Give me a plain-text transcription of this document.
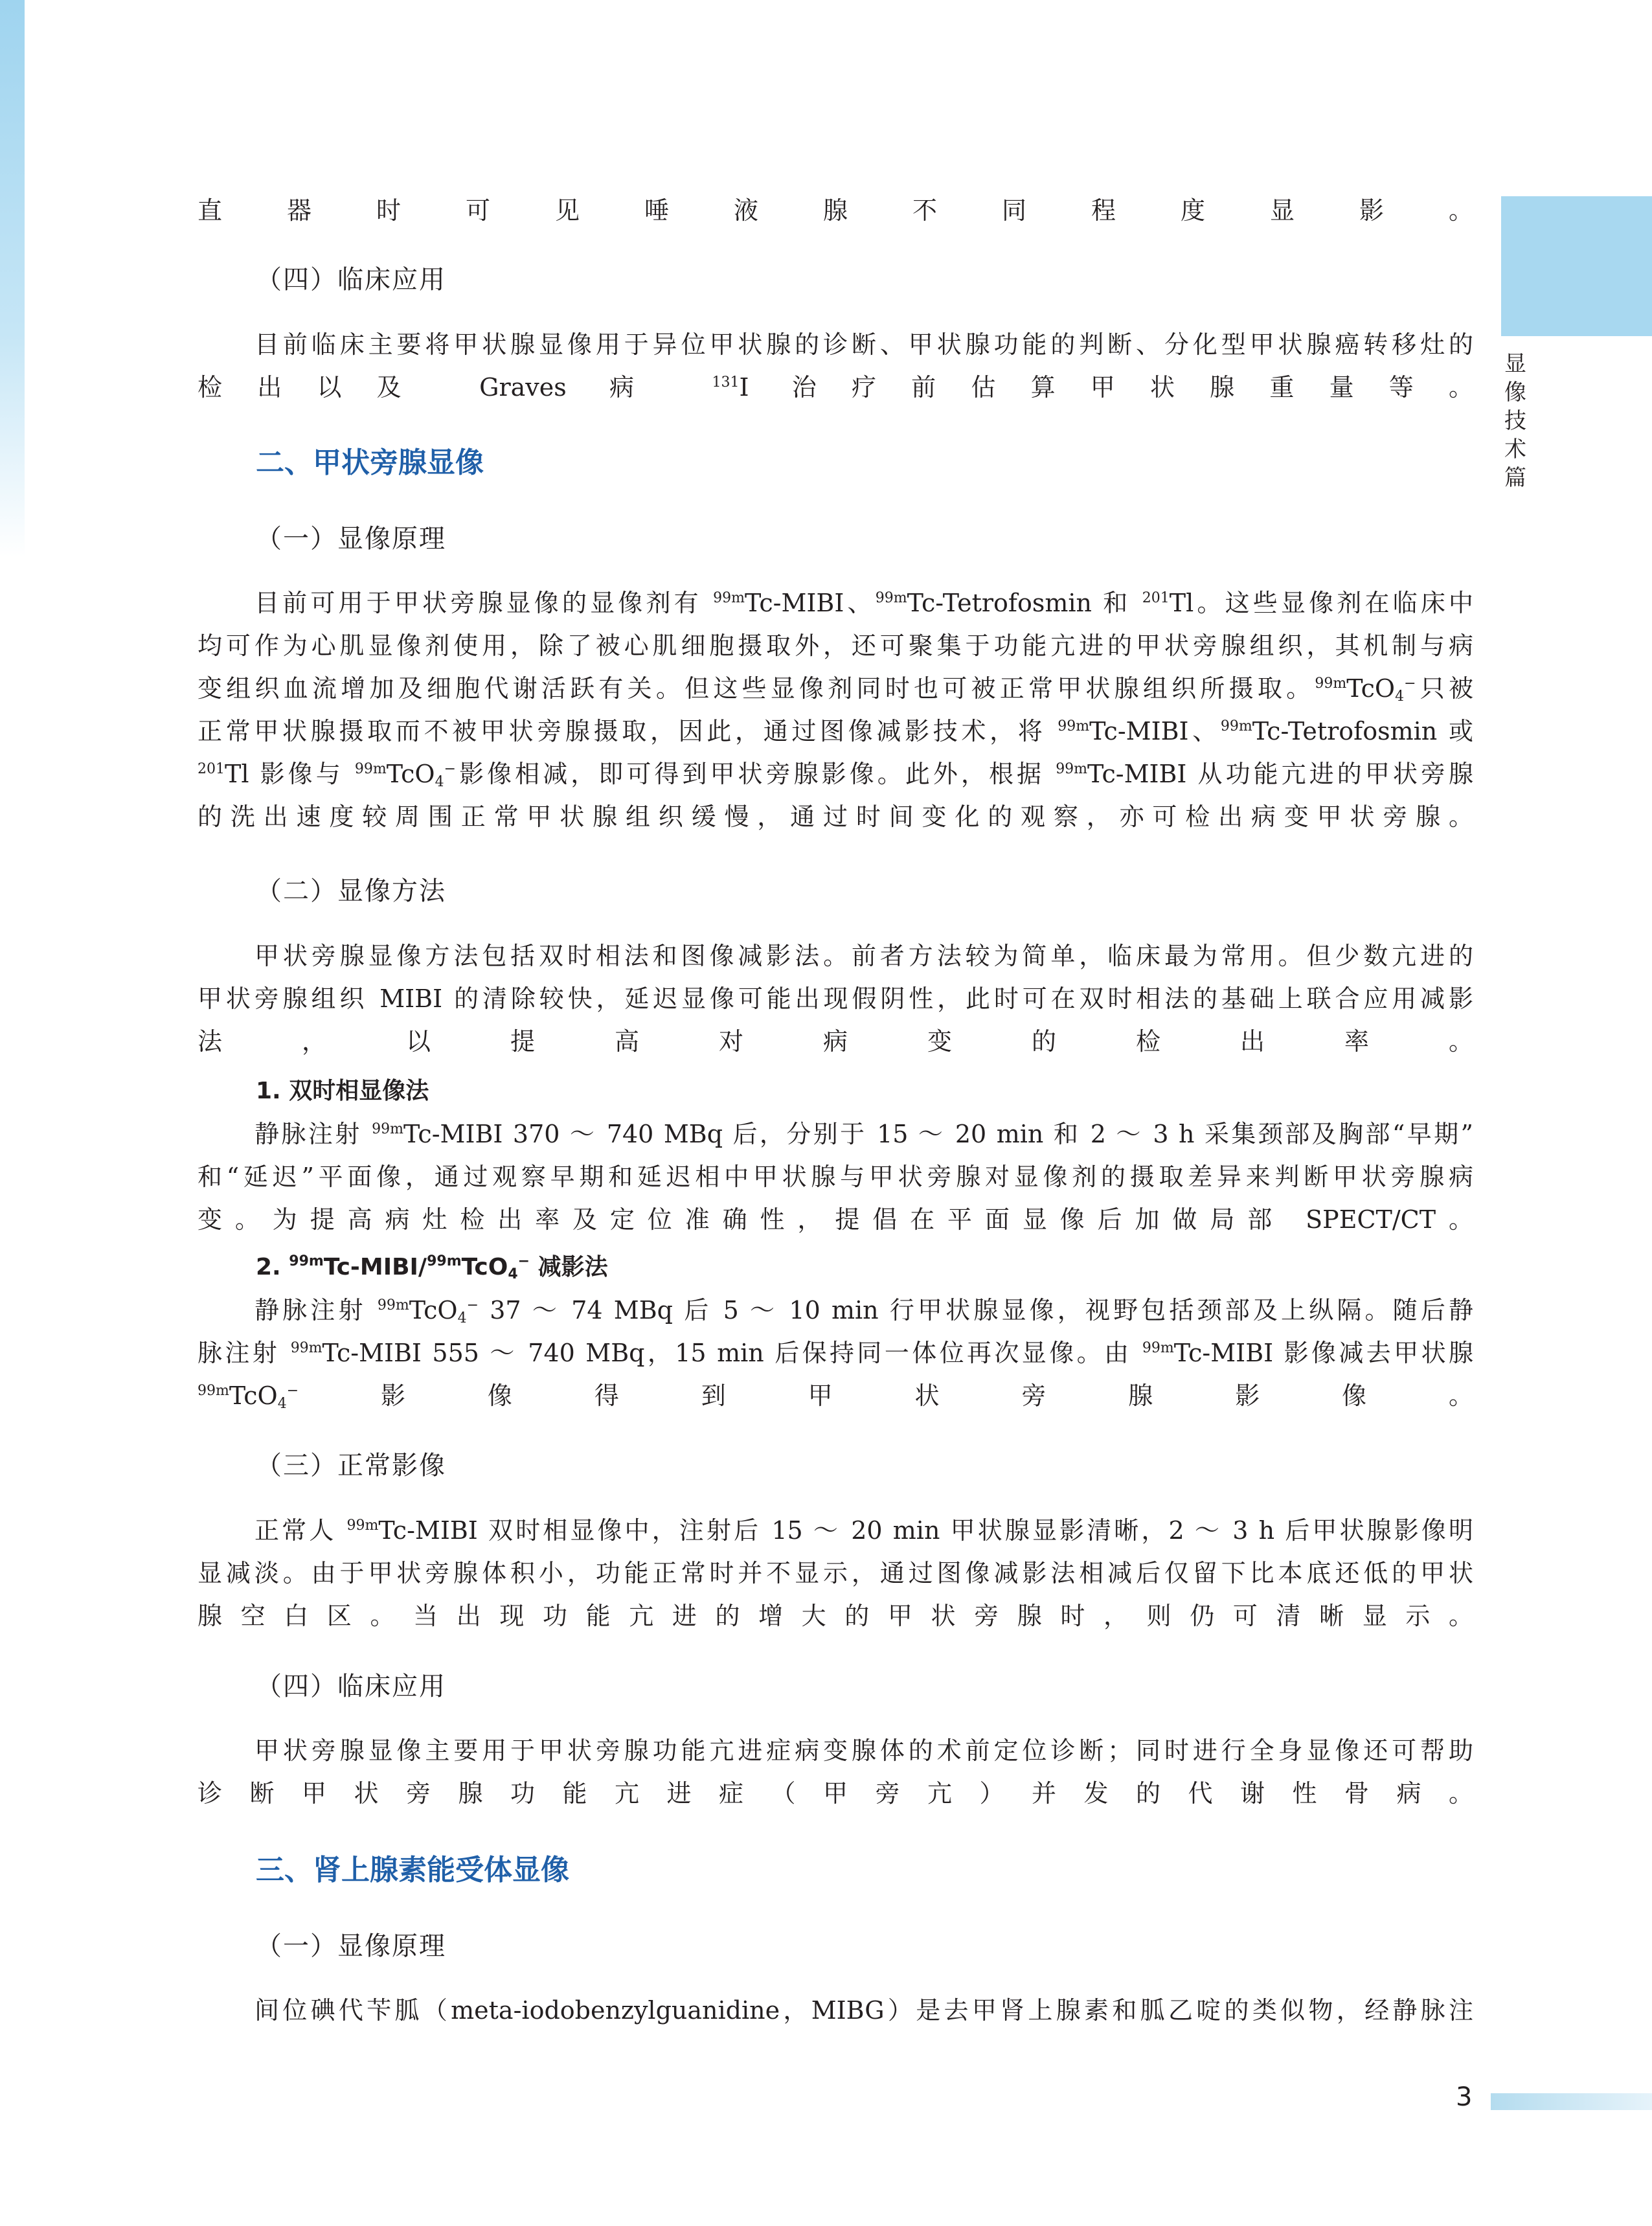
显
像
技
术
篇
直器时可见唾液腺不同程度显影。
（四）临床应用
目前临床主要将甲状腺显像用于异位甲状腺的诊断、甲状腺功能的判断、分化型甲状腺癌转移灶的
检出以及 Graves 病 $^{131}$I 治疗前估算甲状腺重量等。
二、甲状旁腺显像
（一）显像原理
目前可用于甲状旁腺显像的显像剂有 $^{99m}$Tc-MIBI、$^{99m}$Tc-Tetrofosmin 和 $^{201}$Tl。这些显像剂在临床中
均可作为心肌显像剂使用，除了被心肌细胞摄取外，还可聚集于功能亢进的甲状旁腺组织，其机制与病
变组织血流增加及细胞代谢活跃有关。但这些显像剂同时也可被正常甲状腺组织所摄取。$^{99m}$TcO$_4$−只被
正常甲状腺摄取而不被甲状旁腺摄取，因此，通过图像减影技术，将 $^{99m}$Tc-MIBI、$^{99m}$Tc-Tetrofosmin 或
$^{201}$Tl 影像与 $^{99m}$TcO$_4$−影像相减，即可得到甲状旁腺影像。此外，根据 $^{99m}$Tc-MIBI 从功能亢进的甲状旁腺
的洗出速度较周围正常甲状腺组织缓慢，通过时间变化的观察，亦可检出病变甲状旁腺。
（二）显像方法
甲状旁腺显像方法包括双时相法和图像减影法。前者方法较为简单，临床最为常用。但少数亢进的
甲状旁腺组织 MIBI 的清除较快，延迟显像可能出现假阴性，此时可在双时相法的基础上联合应用减影
法，以提高对病变的检出率。
1. 双时相显像法
静脉注射 $^{99m}$Tc-MIBI 370 ～ 740 MBq 后，分别于 15 ～ 20 min 和 2 ～ 3 h 采集颈部及胸部“早期”
和“延迟”平面像，通过观察早期和延迟相中甲状腺与甲状旁腺对显像剂的摄取差异来判断甲状旁腺病
变。为提高病灶检出率及定位准确性，提倡在平面显像后加做局部 SPECT/CT。
2. $^{99m}$Tc-MIBI/$^{99m}$TcO$_4$− 减影法
静脉注射 $^{99m}$TcO$_4$− 37 ～ 74 MBq 后 5 ～ 10 min 行甲状腺显像，视野包括颈部及上纵隔。随后静
脉注射 $^{99m}$Tc-MIBI 555 ～ 740 MBq，15 min 后保持同一体位再次显像。由 $^{99m}$Tc-MIBI 影像减去甲状腺
$^{99m}$TcO$_4$−影像得到甲状旁腺影像。
（三）正常影像
正常人 $^{99m}$Tc-MIBI 双时相显像中，注射后 15 ～ 20 min 甲状腺显影清晰，2 ～ 3 h 后甲状腺影像明
显减淡。由于甲状旁腺体积小，功能正常时并不显示，通过图像减影法相减后仅留下比本底还低的甲状
腺空白区。当出现功能亢进的增大的甲状旁腺时，则仍可清晰显示。
（四）临床应用
甲状旁腺显像主要用于甲状旁腺功能亢进症病变腺体的术前定位诊断；同时进行全身显像还可帮助
诊断甲状旁腺功能亢进症（甲旁亢）并发的代谢性骨病。
三、肾上腺素能受体显像
（一）显像原理
间位碘代苄胍（meta-iodobenzylguanidine，MIBG）是去甲肾上腺素和胍乙啶的类似物，经静脉注
3
